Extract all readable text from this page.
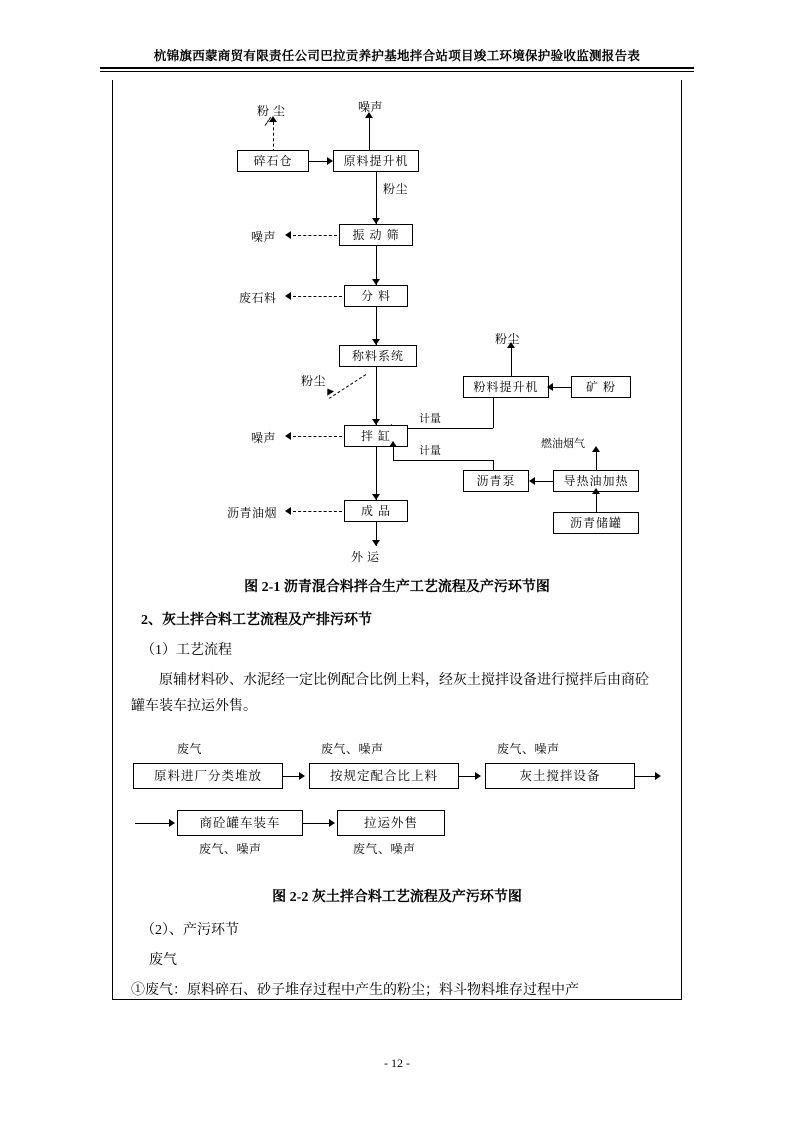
杭锦旗西蒙商贸有限责任公司巴拉贡养护基地拌合站项目竣工环境保护验收监测报告表
粉 尘	噪声
碎石仓	原料提升机
粉尘
振 动 筛
噪声
分 料
废石料
称料系统
粉尘
粉料提升机	矿 粉
计量
粉尘
拌 缸
噪声
计量
沥青泵	导热油加热
燃油烟气
沥青储罐
成 品
沥青油烟
外 运
图 2-1 沥青混合料拌合生产工艺流程及产污环节图
2、灰土拌合料工艺流程及产排污环节
（1）工艺流程
原辅材料砂、水泥经一定比例配合比例上料，经灰土搅拌设备进行搅拌后由商砼罐车装车拉运外售。
废气	废气、噪声	废气、噪声
原料进厂分类堆放	按规定配合比上料	灰土搅拌设备
商砼罐车装车	拉运外售
废气、噪声	废气、噪声
图 2-2 灰土拌合料工艺流程及产污环节图
（2）、产污环节
废气
①废气：原料碎石、砂子堆存过程中产生的粉尘；料斗物料堆存过程中产
- 12 -
